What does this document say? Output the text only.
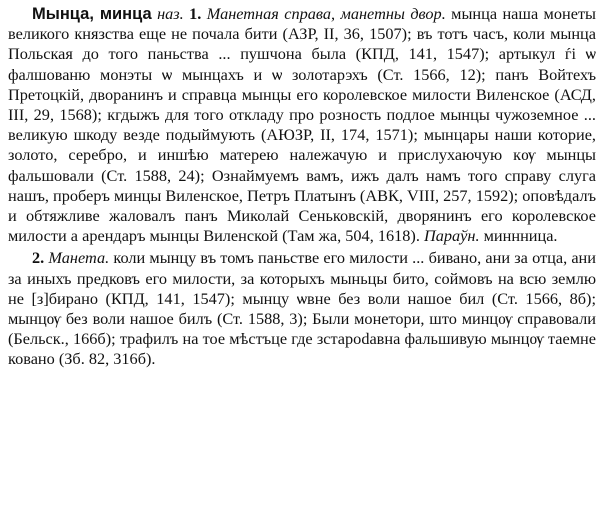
Мынца, минца наз. 1. Манетная справа, манетны двор. мынца наша монеты великого князства еще не почала бити (АЗР, II, 36, 1507); въ тотъ часъ, коли мынца Польская до того паньства ... пушчона была (КПД, 141, 1547); артыкул ѓі ѡ фалшованю монэты ѡ мынцахъ и ѡ золотарэхъ (Ст. 1566, 12); панъ Войтехъ Претоцкій, дворанинъ и справца мынцы его королевское милости Виленское (АСД, III, 29, 1568); кгдыжъ для того откладу про розность подлое мынцы чужоземное ... великую шкоду везде подыймують (АЮЗР, II, 174, 1571); мынцары наши которие, золото, серебро, и иншѣю матерею належачую и прислухаючую кѹ мынцы фальшовали (Ст. 1588, 24); Ознаймуемъ вамъ, ижъ далъ намъ того справу слуга нашъ, проберъ минцы Виленское, Петръ Платынъ (АВК, VIII, 257, 1592); оповѣдалъ и обтяжливе жаловалъ панъ Миколай Сеньковскій, дворянинъ его королевское милости а арендаръ мынцы Виленской (Там жа, 504, 1618). Параўн. миннница.

2. Манета. коли мынцу въ томъ паньстве его милости ... бивано, ани за отца, ани за иныхъ предковъ его милости, за которыхъ мыньцы бито, соймовъ на всю землю не [з]бирано (КПД, 141, 1547); мынцу ѡвне без воли нашое бил (Ст. 1566, 8б); мынцѹ без воли нашое билъ (Ст. 1588, 3); Были монетори, што минцѹ справовали (Бельск., 166б); трафилъ на тое мѣстъце где зстарodавна фальшивую мынцѹ таемне ковано (Зб. 82, 316б).
